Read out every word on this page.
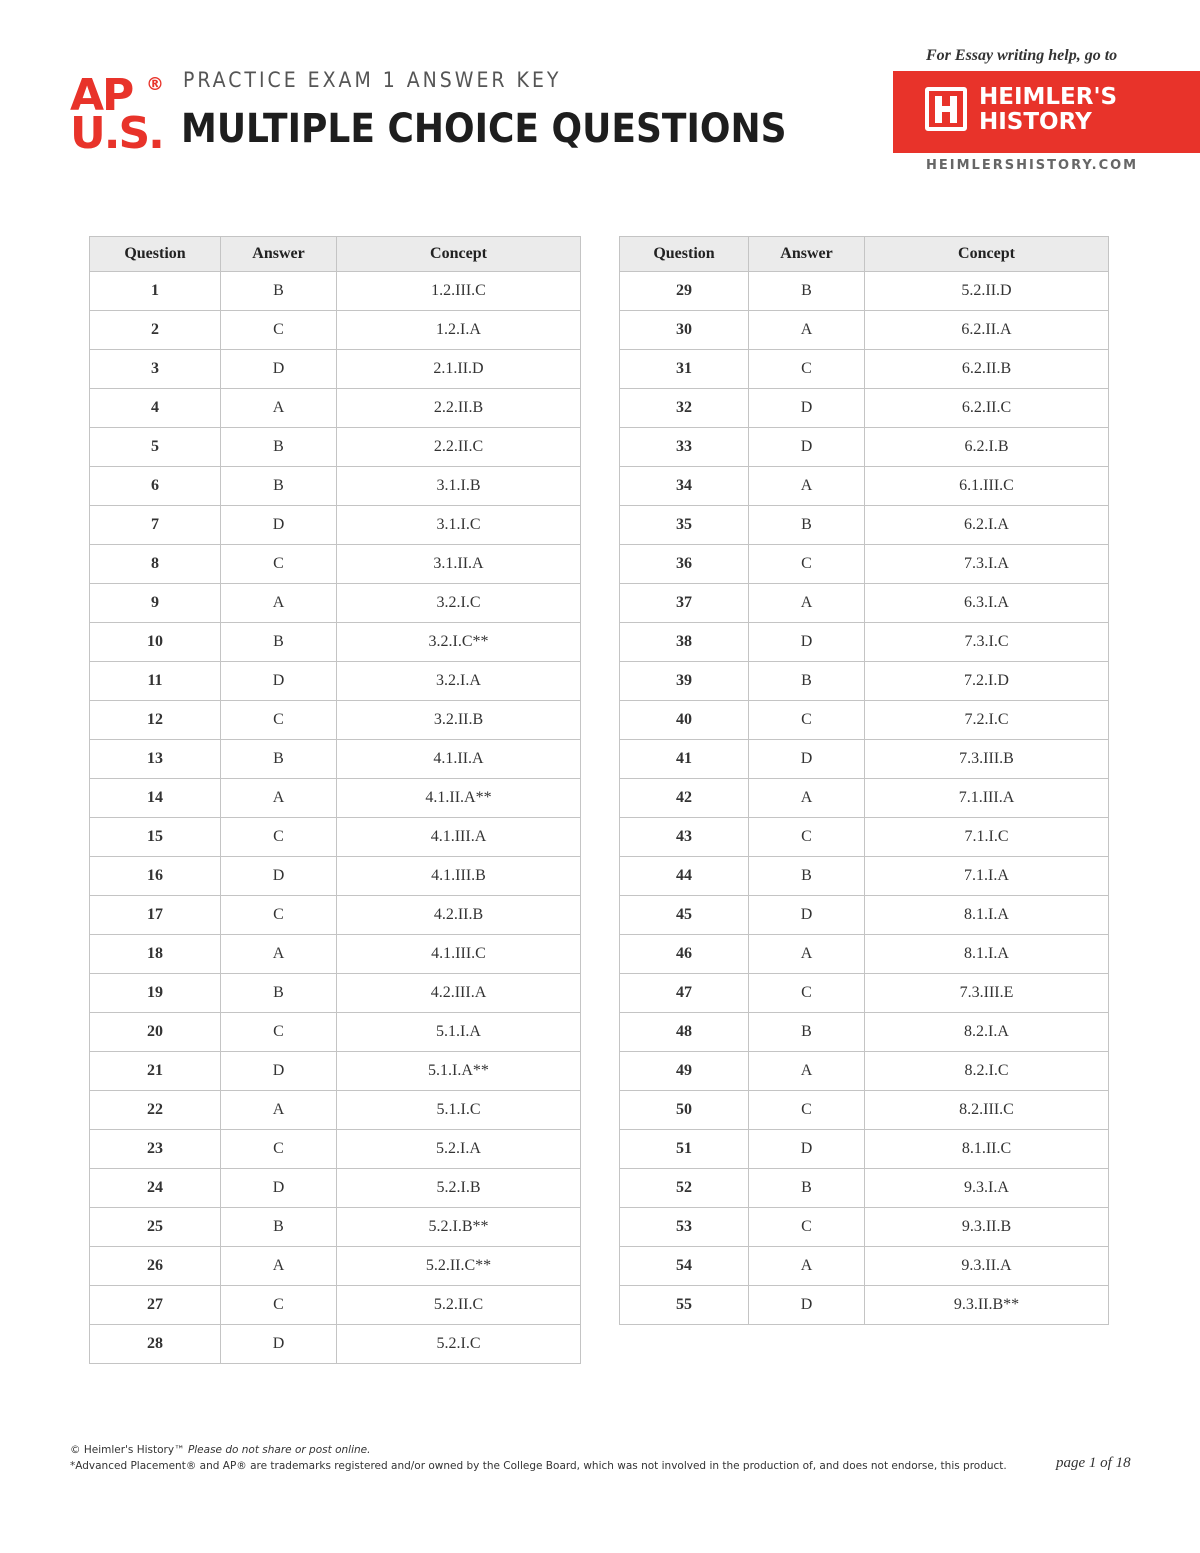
AP ®
U.S.
PRACTICE EXAM 1 ANSWER KEY
MULTIPLE CHOICE QUESTIONS
For Essay writing help, go to
HEIMLER'S
HISTORY
HEIMLERSHISTORY.COM
Question	Answer	Concept
1	B	1.2.III.C
2	C	1.2.I.A
3	D	2.1.II.D
4	A	2.2.II.B
5	B	2.2.II.C
6	B	3.1.I.B
7	D	3.1.I.C
8	C	3.1.II.A
9	A	3.2.I.C
10	B	3.2.I.C**
11	D	3.2.I.A
12	C	3.2.II.B
13	B	4.1.II.A
14	A	4.1.II.A**
15	C	4.1.III.A
16	D	4.1.III.B
17	C	4.2.II.B
18	A	4.1.III.C
19	B	4.2.III.A
20	C	5.1.I.A
21	D	5.1.I.A**
22	A	5.1.I.C
23	C	5.2.I.A
24	D	5.2.I.B
25	B	5.2.I.B**
26	A	5.2.II.C**
27	C	5.2.II.C
28	D	5.2.I.C
Question	Answer	Concept
29	B	5.2.II.D
30	A	6.2.II.A
31	C	6.2.II.B
32	D	6.2.II.C
33	D	6.2.I.B
34	A	6.1.III.C
35	B	6.2.I.A
36	C	7.3.I.A
37	A	6.3.I.A
38	D	7.3.I.C
39	B	7.2.I.D
40	C	7.2.I.C
41	D	7.3.III.B
42	A	7.1.III.A
43	C	7.1.I.C
44	B	7.1.I.A
45	D	8.1.I.A
46	A	8.1.I.A
47	C	7.3.III.E
48	B	8.2.I.A
49	A	8.2.I.C
50	C	8.2.III.C
51	D	8.1.II.C
52	B	9.3.I.A
53	C	9.3.II.B
54	A	9.3.II.A
55	D	9.3.II.B**
© Heimler's History™ Please do not share or post online.
*Advanced Placement® and AP® are trademarks registered and/or owned by the College Board, which was not involved in the production of, and does not endorse, this product.	page 1 of 18
